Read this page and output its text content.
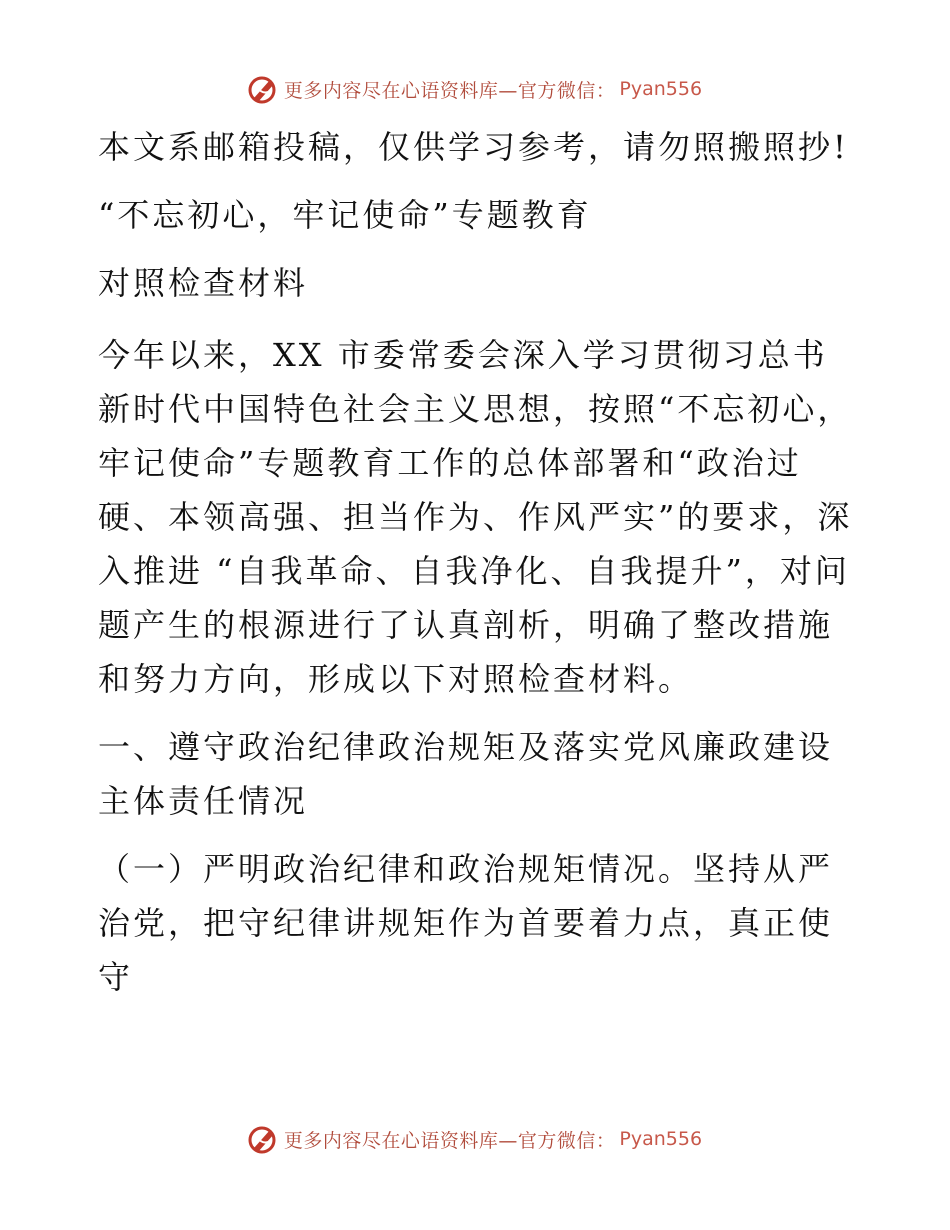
更多内容尽在心语资料库—官方微信： Pyan556

本文系邮箱投稿，仅供学习参考，请勿照搬照抄!

“不忘初心，牢记使命”专题教育

对照检查材料

今年以来，XX 市委常委会深入学习贯彻习总书新时代中国特色社会主义思想，按照“不忘初心，牢记使命”专题教育工作的总体部署和“政治过硬、本领高强、担当作为、作风严实”的要求，深入推进 “自我革命、自我净化、自我提升”，对问题产生的根源进行了认真剖析，明确了整改措施和努力方向，形成以下对照检查材料。

一、遵守政治纪律政治规矩及落实党风廉政建设主体责任情况

（一）严明政治纪律和政治规矩情况。坚持从严治党，把守纪律讲规矩作为首要着力点，真正使守

更多内容尽在心语资料库—官方微信： Pyan556
